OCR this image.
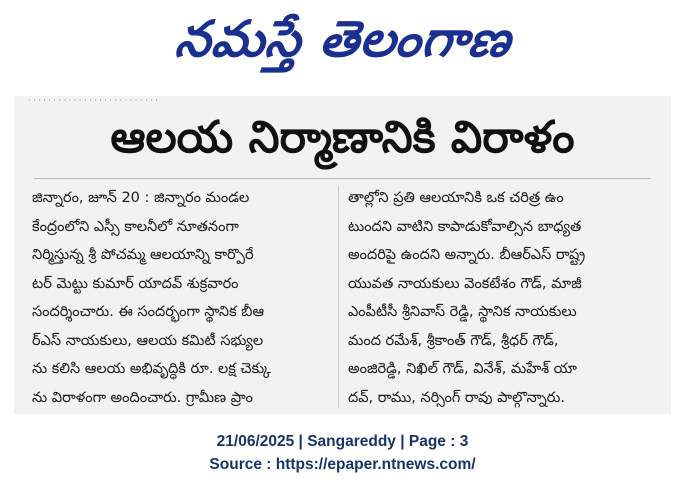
నమస్తే తెలంగాణ
· · · · · · · · · · · · · · · · · · · · · · · · · ·
ఆలయ నిర్మాణానికి విరాళం
జిన్నారం, జూన్ 20 : జిన్నారం మండల
కేంద్రంలోని ఎస్సీ కాలనీలో నూతనంగా
నిర్మిస్తున్న శ్రీ పోచమ్మ ఆలయాన్ని కార్పొరే
టర్ మెట్టు కుమార్ యాదవ్ శుక్రవారం
సందర్శించారు. ఈ సందర్భంగా స్థానిక బీఆ
ర్ఎస్ నాయకులు, ఆలయ కమిటీ సభ్యుల
ను కలిసి ఆలయ అభివృద్ధికి రూ. లక్ష చెక్కు
ను విరాళంగా అందించారు. గ్రామీణ ప్రాం
తాల్లోని ప్రతి ఆలయానికి ఒక చరిత్ర ఉం
టుందని వాటిని కాపాడుకోవాల్సిన బాధ్యత
అందరిపై ఉందని అన్నారు. బీఆర్ఎస్ రాష్ట్ర
యువత నాయకులు వెంకటేశం గౌడ్, మాజీ
ఎంపీటీసీ శ్రీనివాస్ రెడ్డి, స్థానిక నాయకులు
మంద రమేశ్, శ్రీకాంత్ గౌడ్, శ్రీధర్ గౌడ్,
అంజిరెడ్డి, నిఖిల్ గౌడ్, వినేశ్, మహేశ్ యా
దవ్, రాము, నర్సింగ్ రావు పాల్గొన్నారు.
21/06/2025 | Sangareddy | Page : 3
Source : https://epaper.ntnews.com/
